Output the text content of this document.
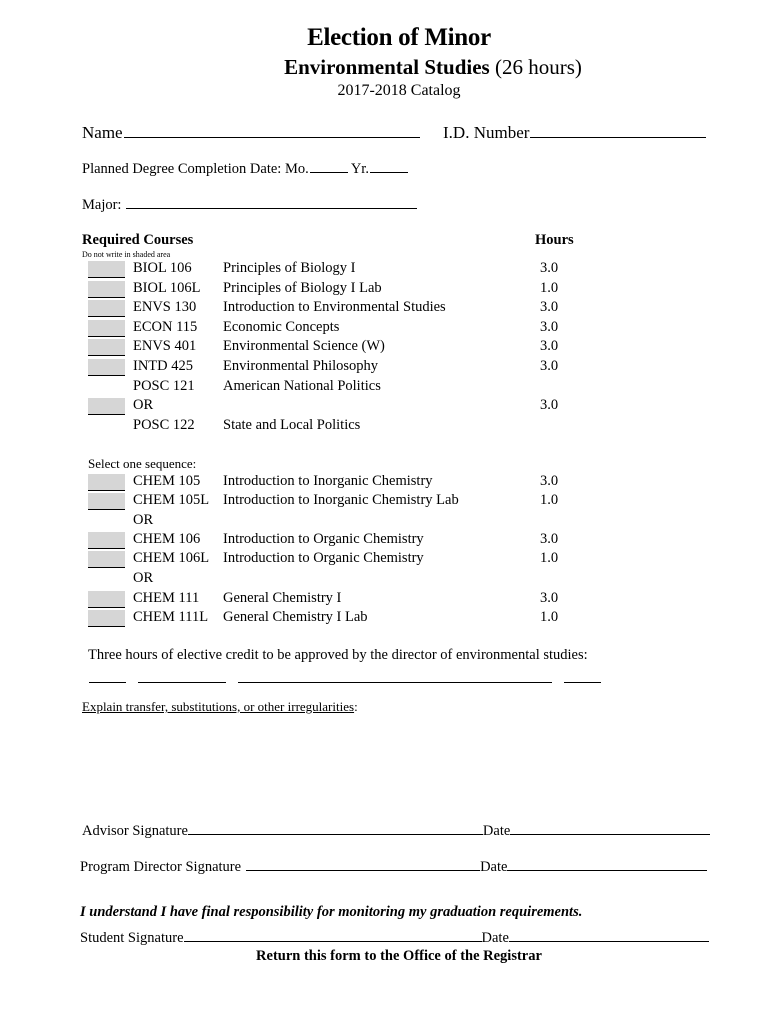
Election of Minor
Environmental Studies (26 hours)
2017-2018 Catalog
Name	I.D. Number
Planned Degree Completion Date: Mo.	Yr.
Major:
Required Courses	Hours
Do not write in shaded area
BIOL 106 Principles of Biology I	3.0
BIOL 106L Principles of Biology I Lab	1.0
ENVS 130 Introduction to Environmental Studies	3.0
ECON 115 Economic Concepts	3.0
ENVS 401 Environmental Science (W)	3.0
INTD 425 Environmental Philosophy	3.0
POSC 121 American National Politics
OR	3.0
POSC 122 State and Local Politics
Select one sequence:
CHEM 105 Introduction to Inorganic Chemistry	3.0
CHEM 105L Introduction to Inorganic Chemistry Lab	1.0
OR
CHEM 106 Introduction to Organic Chemistry	3.0
CHEM 106L Introduction to Organic Chemistry	1.0
OR
CHEM 111 General Chemistry I	3.0
CHEM 111L General Chemistry I Lab	1.0
Three hours of elective credit to be approved by the director of environmental studies:

Explain transfer, substitutions, or other irregularities:
Advisor Signature	Date
Program Director Signature	Date
I understand I have final responsibility for monitoring my graduation requirements.
Student Signature	Date
Return this form to the Office of the Registrar
